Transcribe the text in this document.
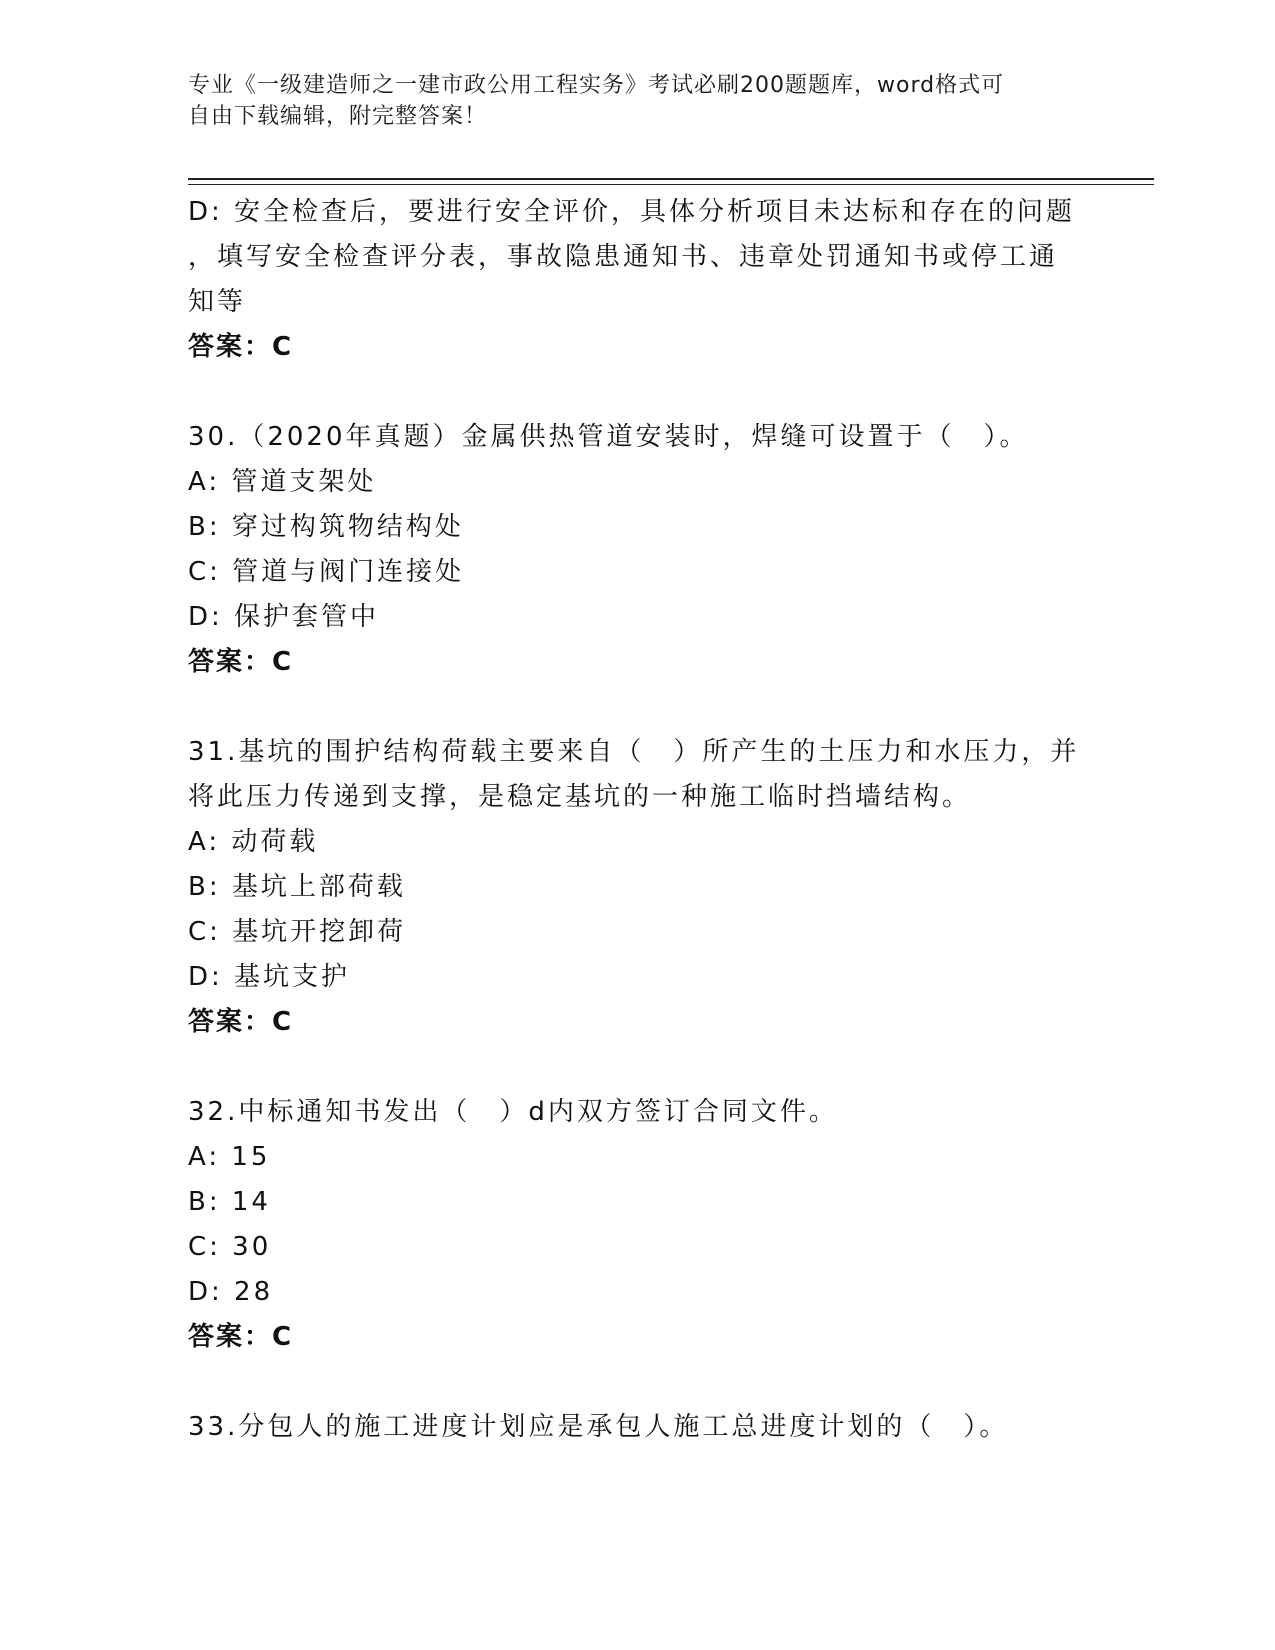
专业《一级建造师之一建市政公用工程实务》考试必刷200题题库，word格式可
自由下载编辑，附完整答案！
D: 安全检查后，要进行安全评价，具体分析项目未达标和存在的问题
，填写安全检查评分表，事故隐患通知书、违章处罚通知书或停工通
知等
答案：C
30.（2020年真题）金属供热管道安装时，焊缝可设置于（　）。
A: 管道支架处
B: 穿过构筑物结构处
C: 管道与阀门连接处
D: 保护套管中
答案：C
31.基坑的围护结构荷载主要来自（　）所产生的土压力和水压力，并
将此压力传递到支撑，是稳定基坑的一种施工临时挡墙结构。
A: 动荷载
B: 基坑上部荷载
C: 基坑开挖卸荷
D: 基坑支护
答案：C
32.中标通知书发出（　）d内双方签订合同文件。
A: 15
B: 14
C: 30
D: 28
答案：C
33.分包人的施工进度计划应是承包人施工总进度计划的（　）。
